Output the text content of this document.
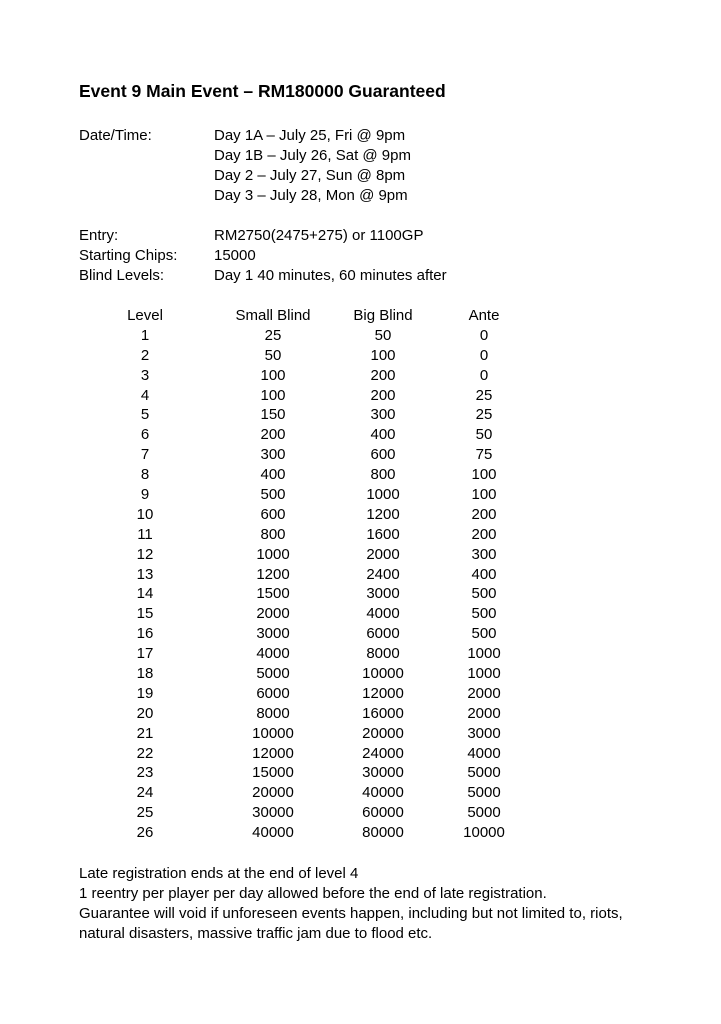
Event 9 Main Event – RM180000 Guaranteed
Date/Time:	Day 1A – July 25, Fri @ 9pm
Day 1B – July 26, Sat @ 9pm
Day 2 – July 27, Sun @ 8pm
Day 3 – July 28, Mon @ 9pm
Entry:	RM2750(2475+275) or 1100GP
Starting Chips: 15000
Blind Levels:	Day 1 40 minutes, 60 minutes after
Level	Small Blind	Big Blind	Ante
1	25	50	0
2	50	100	0
3	100	200	0
4	100	200	25
5	150	300	25
6	200	400	50
7	300	600	75
8	400	800	100
9	500	1000	100
10	600	1200	200
11	800	1600	200
12	1000	2000	300
13	1200	2400	400
14	1500	3000	500
15	2000	4000	500
16	3000	6000	500
17	4000	8000	1000
18	5000	10000	1000
19	6000	12000	2000
20	8000	16000	2000
21	10000	20000	3000
22	12000	24000	4000
23	15000	30000	5000
24	20000	40000	5000
25	30000	60000	5000
26	40000	80000	10000
Late registration ends at the end of level 4
1 reentry per player per day allowed before the end of late registration.
Guarantee will void if unforeseen events happen, including but not limited to, riots,
natural disasters, massive traffic jam due to flood etc.
